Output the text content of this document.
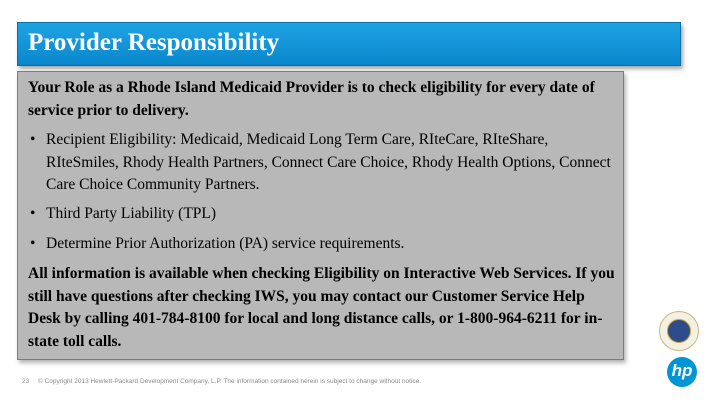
Provider Responsibility
Your Role as a Rhode Island Medicaid Provider is to check eligibility for every date of service prior to delivery.
• Recipient Eligibility: Medicaid, Medicaid Long Term Care, RIteCare, RIteShare, RIteSmiles, Rhody Health Partners, Connect Care Choice, Rhody Health Options, Connect Care Choice Community Partners.
• Third Party Liability (TPL)
• Determine Prior Authorization (PA) service requirements.
All information is available when checking Eligibility on Interactive Web Services. If you still have questions after checking IWS, you may contact our Customer Service Help Desk by calling 401-784-8100 for local and long distance calls, or 1-800-964-6211 for in-state toll calls.
hp
23 © Copyright 2013 Hewlett-Packard Development Company, L.P. The information contained herein is subject to change without notice.
